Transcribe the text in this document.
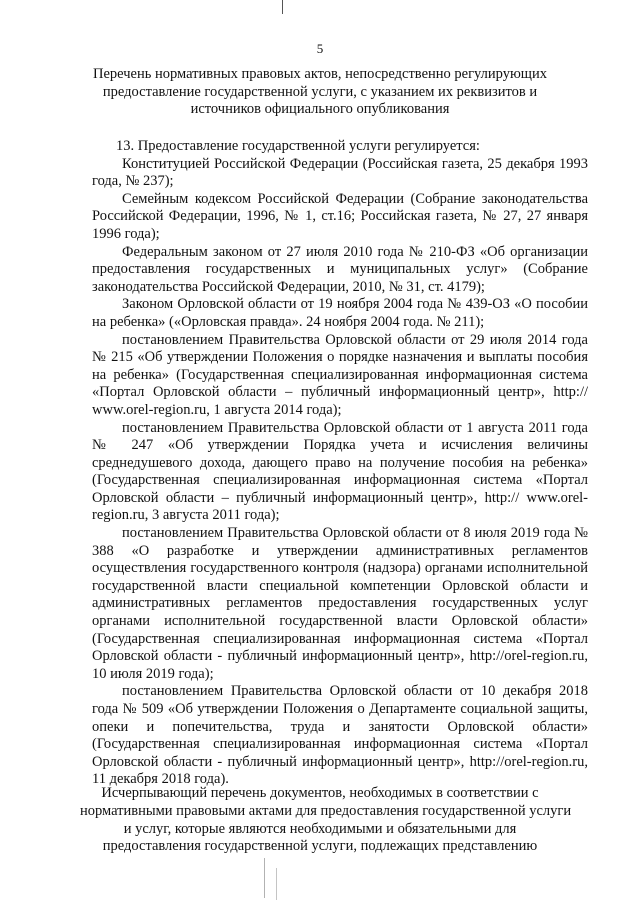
5
Перечень нормативных правовых актов, непосредственно регулирующих
предоставление государственной услуги, с указанием их реквизитов и
источников официального опубликования

13. Предоставление государственной услуги регулируется:

Конституцией Российской Федерации (Российская газета, 25 декабря 1993 года, № 237);

Семейным кодексом Российской Федерации (Собрание законодательства Российской Федерации, 1996, № 1, ст.16; Российская газета, № 27, 27 января 1996 года);

Федеральным законом от 27 июля 2010 года № 210-ФЗ «Об организации предоставления государственных и муниципальных услуг» (Собрание законодательства Российской Федерации, 2010, № 31, ст. 4179);

Законом Орловской области от 19 ноября 2004 года № 439-ОЗ «О пособии на ребенка» («Орловская правда». 24 ноября 2004 года. № 211);

постановлением Правительства Орловской области от 29 июля 2014 года № 215 «Об утверждении Положения о порядке назначения и выплаты пособия на ребенка» (Государственная специализированная информационная система «Портал Орловской области – публичный информационный центр», http:// www.orel-region.ru, 1 августа 2014 года);

постановлением Правительства Орловской области от 1 августа 2011 года № 247 «Об утверждении Порядка учета и исчисления величины среднедушевого дохода, дающего право на получение пособия на ребенка» (Государственная специализированная информационная система «Портал Орловской области – публичный информационный центр», http:// www.orel-region.ru, 3 августа 2011 года);

постановлением Правительства Орловской области от 8 июля 2019 года № 388 «О разработке и утверждении административных регламентов осуществления государственного контроля (надзора) органами исполнительной государственной власти специальной компетенции Орловской области и административных регламентов предоставления государственных услуг органами исполнительной государственной власти Орловской области» (Государственная специализированная информационная система «Портал Орловской области - публичный информационный центр», http://orel-region.ru, 10 июля 2019 года);

постановлением Правительства Орловской области от 10 декабря 2018 года № 509 «Об утверждении Положения о Департаменте социальной защиты, опеки и попечительства, труда и занятости Орловской области» (Государственная специализированная информационная система «Портал Орловской области - публичный информационный центр», http://orel-region.ru, 11 декабря 2018 года).

Исчерпывающий перечень документов, необходимых в соответствии с
нормативными правовыми актами для предоставления государственной услуги
и услуг, которые являются необходимыми и обязательными для
предоставления государственной услуги, подлежащих представлению
